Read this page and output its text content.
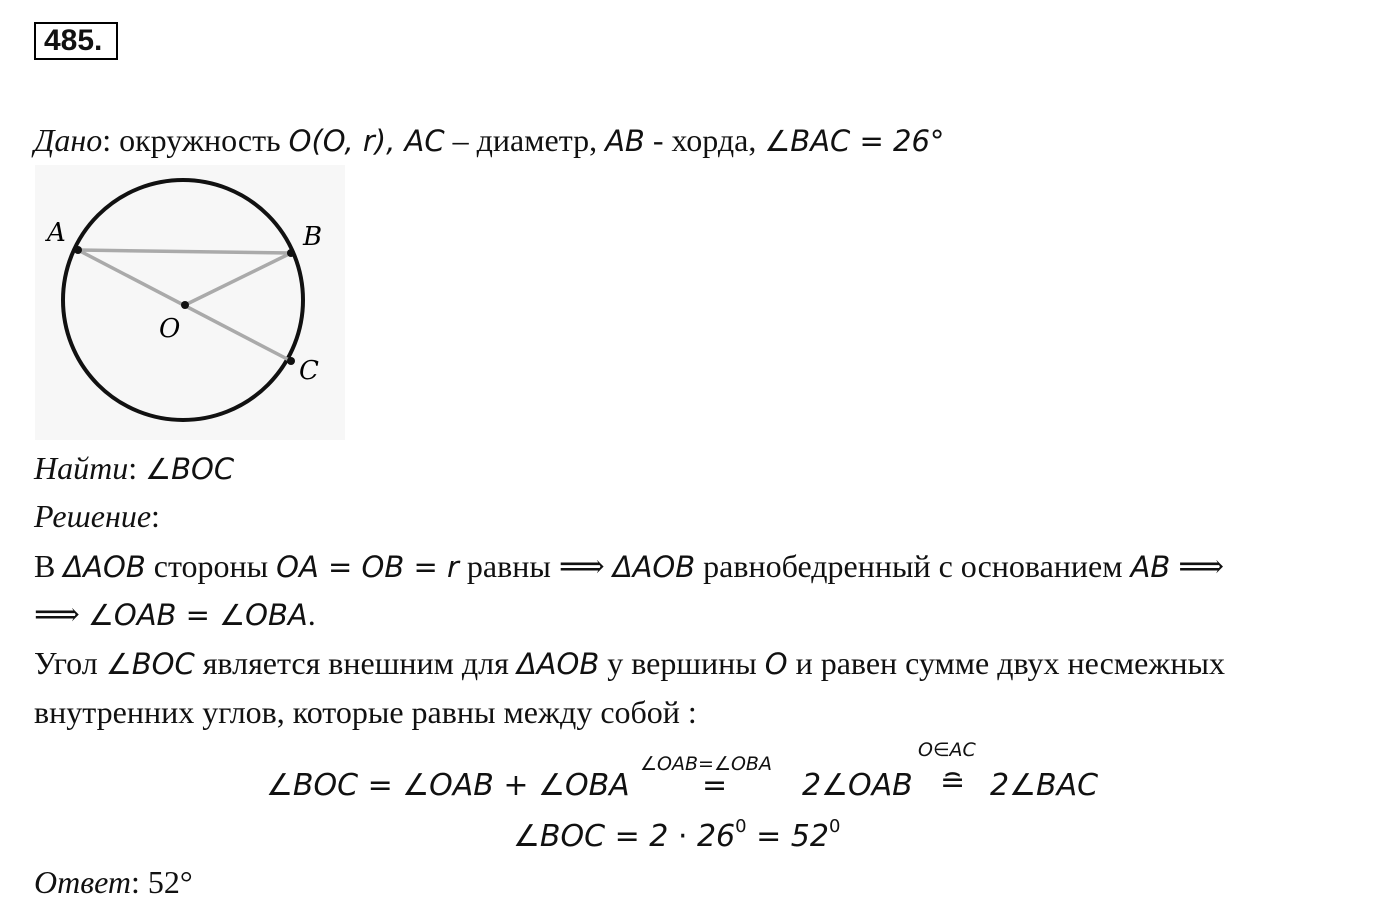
485.
Дано: окружность O(O, r), AC – диаметр, AB - хорда, ∠BAC = 26°
A	B
O
C
Найти: ∠BOC
Решение:
В ΔAOB стороны OA = OB = r равны ⟹ ΔAOB равнобедренный с основанием AB ⟹
⟹ ∠OAB = ∠OBA.
Угол ∠BOC является внешним для ΔAOB у вершины O и равен сумме двух несмежных
внутренних углов, которые равны между собой :
∠BOC = ∠OAB + ∠OBA
∠OAB=∠OBA
= 2∠OAB
O∈AC
≘ 2∠BAC
∠BOC = $2 \cdot 26^0 = 52^0$
Ответ: 52°
